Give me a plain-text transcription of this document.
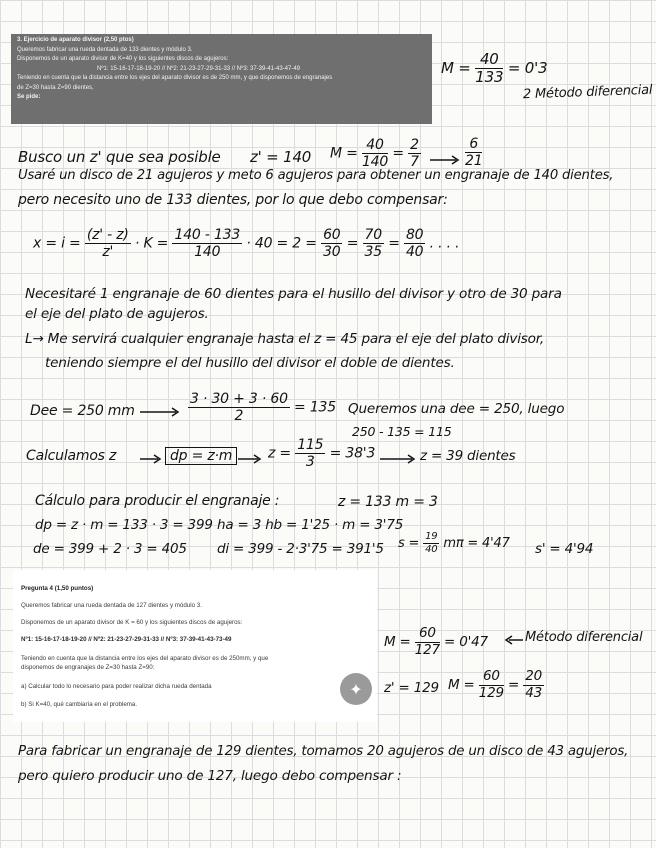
3. Ejercicio de aparato divisor (2,50 ptos)
Queremos fabricar una rueda dentada de 133 dientes y módulo 3.
Disponemos de un aparato divisor de K=40 y los siguientes discos de agujeros:
Nº1: 15-16-17-18-19-20 // Nº2: 21-23-27-29-31-33 // Nº3: 37-39-41-43-47-49
Teniendo en cuenta que la distancia entre los ejes del aparato divisor es de 250 mm, y que disponemos de engranajes
de Z=30 hasta Z=90 dientes,
Se pide:
$M = \frac{40}{133} = 0'3$
2 Método diferencial
Busco un z' que sea posible z' = 140 $M = \frac{40}{140} = \frac{2}{7}$	$\frac{6}{21}$
Usaré un disco de 21 agujeros y meto 6 agujeros para obtener un engranaje de 140 dientes,
pero necesito uno de 133 dientes, por lo que debo compensar:
$x = i = \frac{(z' - z)}{z'} \cdot K = \frac{140 - 133}{140} \cdot 40 = 2 = \frac{60}{30} = \frac{70}{35} = \frac{80}{40}$ . . . .
Necesitaré 1 engranaje de 60 dientes para el husillo del divisor y otro de 30 para
el eje del plato de agujeros.
L→ Me servirá cualquier engranaje hasta el z = 45 para el eje del plato divisor,
teniendo siempre el del husillo del divisor el doble de dientes.
Dee = 250 mm	$\frac{3 \cdot 30 + 3 \cdot 60}{2} = 135$ Queremos una dee = 250, luego
250 - 135 = 115
Calculamos z	dp = z·m	$z = \frac{115}{3} = 38'3$	z = 39 dientes
Cálculo para producir el engranaje :	z = 133 m = 3
dp = z · m = 133 · 3 = 399 ha = 3 hb = 1'25 · m = 3'75
de = 399 + 2 · 3 = 405 di = 399 - 2·3'75 = 391'5 $s = \frac{19}{40}$ mπ = 4'47 s' = 4'94
Pregunta 4 (1,50 puntos)
Queremos fabricar una rueda dentada de 127 dientes y módulo 3.
Disponemos de un aparato divisor de K = 60 y los siguientes discos de agujeros:
Nº1: 15-16-17-18-19-20 // Nº2: 21-23-27-29-31-33 // Nº3: 37-39-41-43-73-49
Teniendo en cuenta que la distancia entre los ejes del aparato divisor es de 250mm, y que
disponemos de engranajes de Z=30 hasta Z=90:
a) Calcular todo lo necesario para poder realizar dicha rueda dentada
b) Si K=40, qué cambiaría en el problema.
✦
$M = \frac{60}{127} = 0'47$	Método diferencial
z' = 129 $M = \frac{60}{129} = \frac{20}{43}$
Para fabricar un engranaje de 129 dientes, tomamos 20 agujeros de un disco de 43 agujeros,
pero quiero producir uno de 127, luego debo compensar :
